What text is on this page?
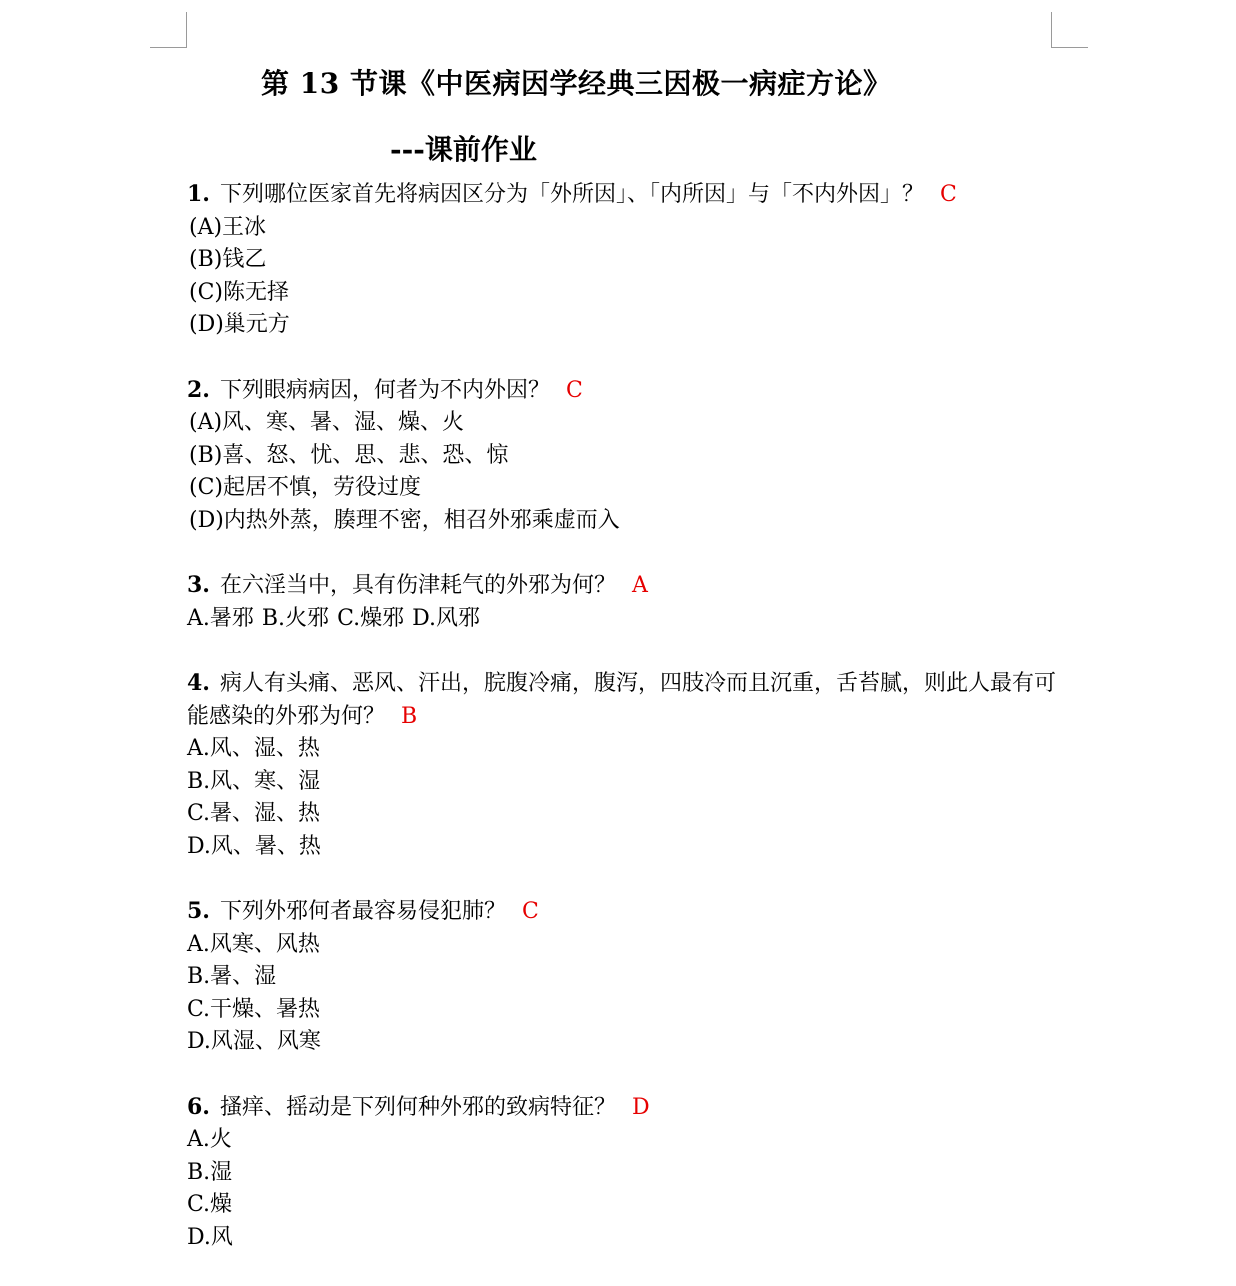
第 13 节课《中医病因学经典三因极一病症方论》
---课前作业
1. 下列哪位医家首先将病因区分为「外所因」、「内所因」与「不内外因」？ C
(A)王冰
(B)钱乙
(C)陈无择
(D)巢元方
2. 下列眼病病因，何者为不内外因？ C
(A)风、寒、暑、湿、燥、火
(B)喜、怒、忧、思、悲、恐、惊
(C)起居不慎，劳役过度
(D)内热外蒸，腠理不密，相召外邪乘虚而入
3. 在六淫当中，具有伤津耗气的外邪为何？ A
A.暑邪 B.火邪 C.燥邪 D.风邪
4. 病人有头痛、恶风、汗出，脘腹冷痛，腹泻，四肢冷而且沉重，舌苔腻，则此人最有可能感染的外邪为何？ B
A.风、湿、热
B.风、寒、湿
C.暑、湿、热
D.风、暑、热
5. 下列外邪何者最容易侵犯肺？ C
A.风寒、风热
B.暑、湿
C.干燥、暑热
D.风湿、风寒
6. 搔痒、摇动是下列何种外邪的致病特征？ D
A.火
B.湿
C.燥
D.风
